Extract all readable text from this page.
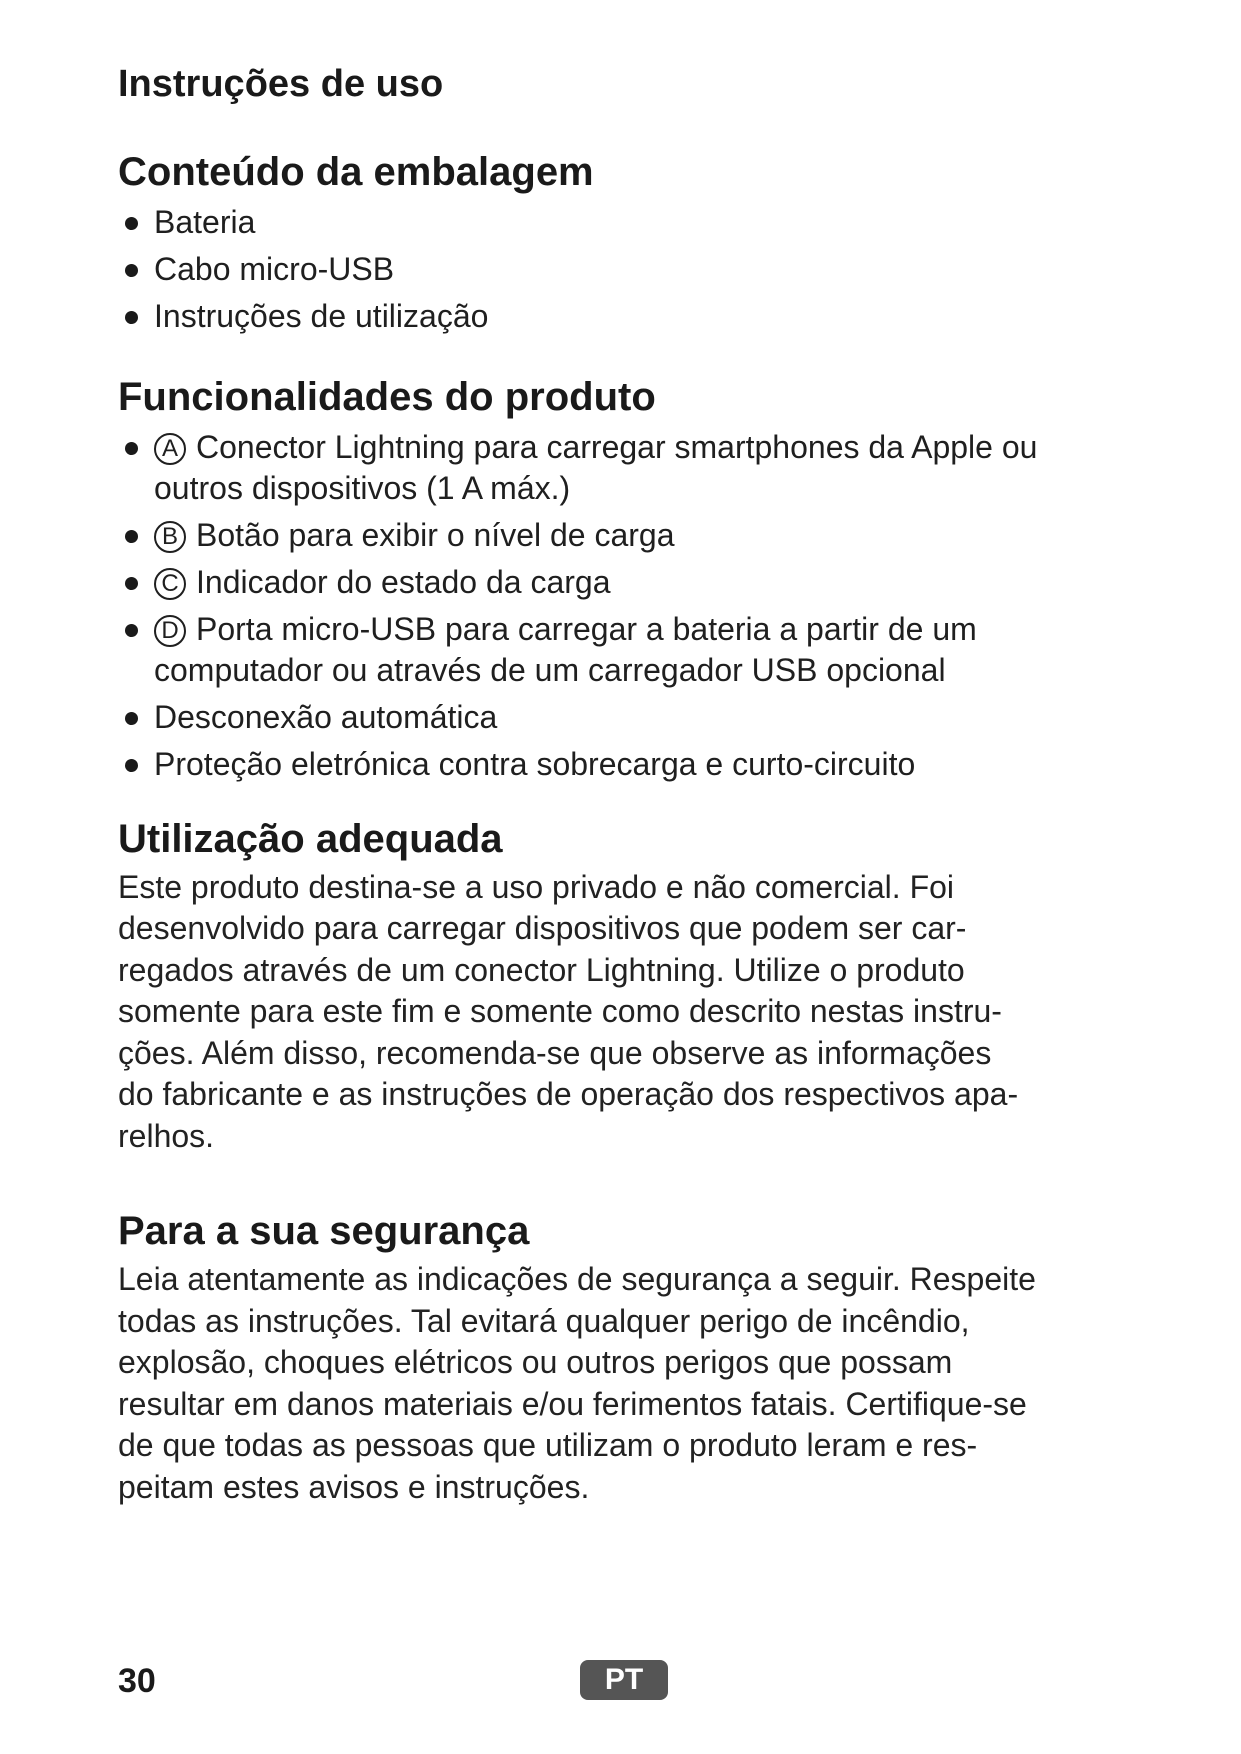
Instruções de uso
Conteúdo da embalagem
Bateria
Cabo micro-USB
Instruções de utilização
Funcionalidades do produto
A Conector Lightning para carregar smartphones da Apple ou
outros dispositivos (1 A máx.)
B Botão para exibir o nível de carga
C Indicador do estado da carga
D Porta micro-USB para carregar a bateria a partir de um
computador ou através de um carregador USB opcional
Desconexão automática
Proteção eletrónica contra sobrecarga e curto-circuito
Utilização adequada

Este produto destina-se a uso privado e não comercial. Foi
desenvolvido para carregar dispositivos que podem ser car-
regados através de um conector Lightning. Utilize o produto
somente para este fim e somente como descrito nestas instru-
ções. Além disso, recomenda-se que observe as informações
do fabricante e as instruções de operação dos respectivos apa-
relhos.

Para a sua segurança

Leia atentamente as indicações de segurança a seguir. Respeite
todas as instruções. Tal evitará qualquer perigo de incêndio,
explosão, choques elétricos ou outros perigos que possam
resultar em danos materiais e/ou ferimentos fatais. Certifique-se
de que todas as pessoas que utilizam o produto leram e res-
peitam estes avisos e instruções.

30	PT
